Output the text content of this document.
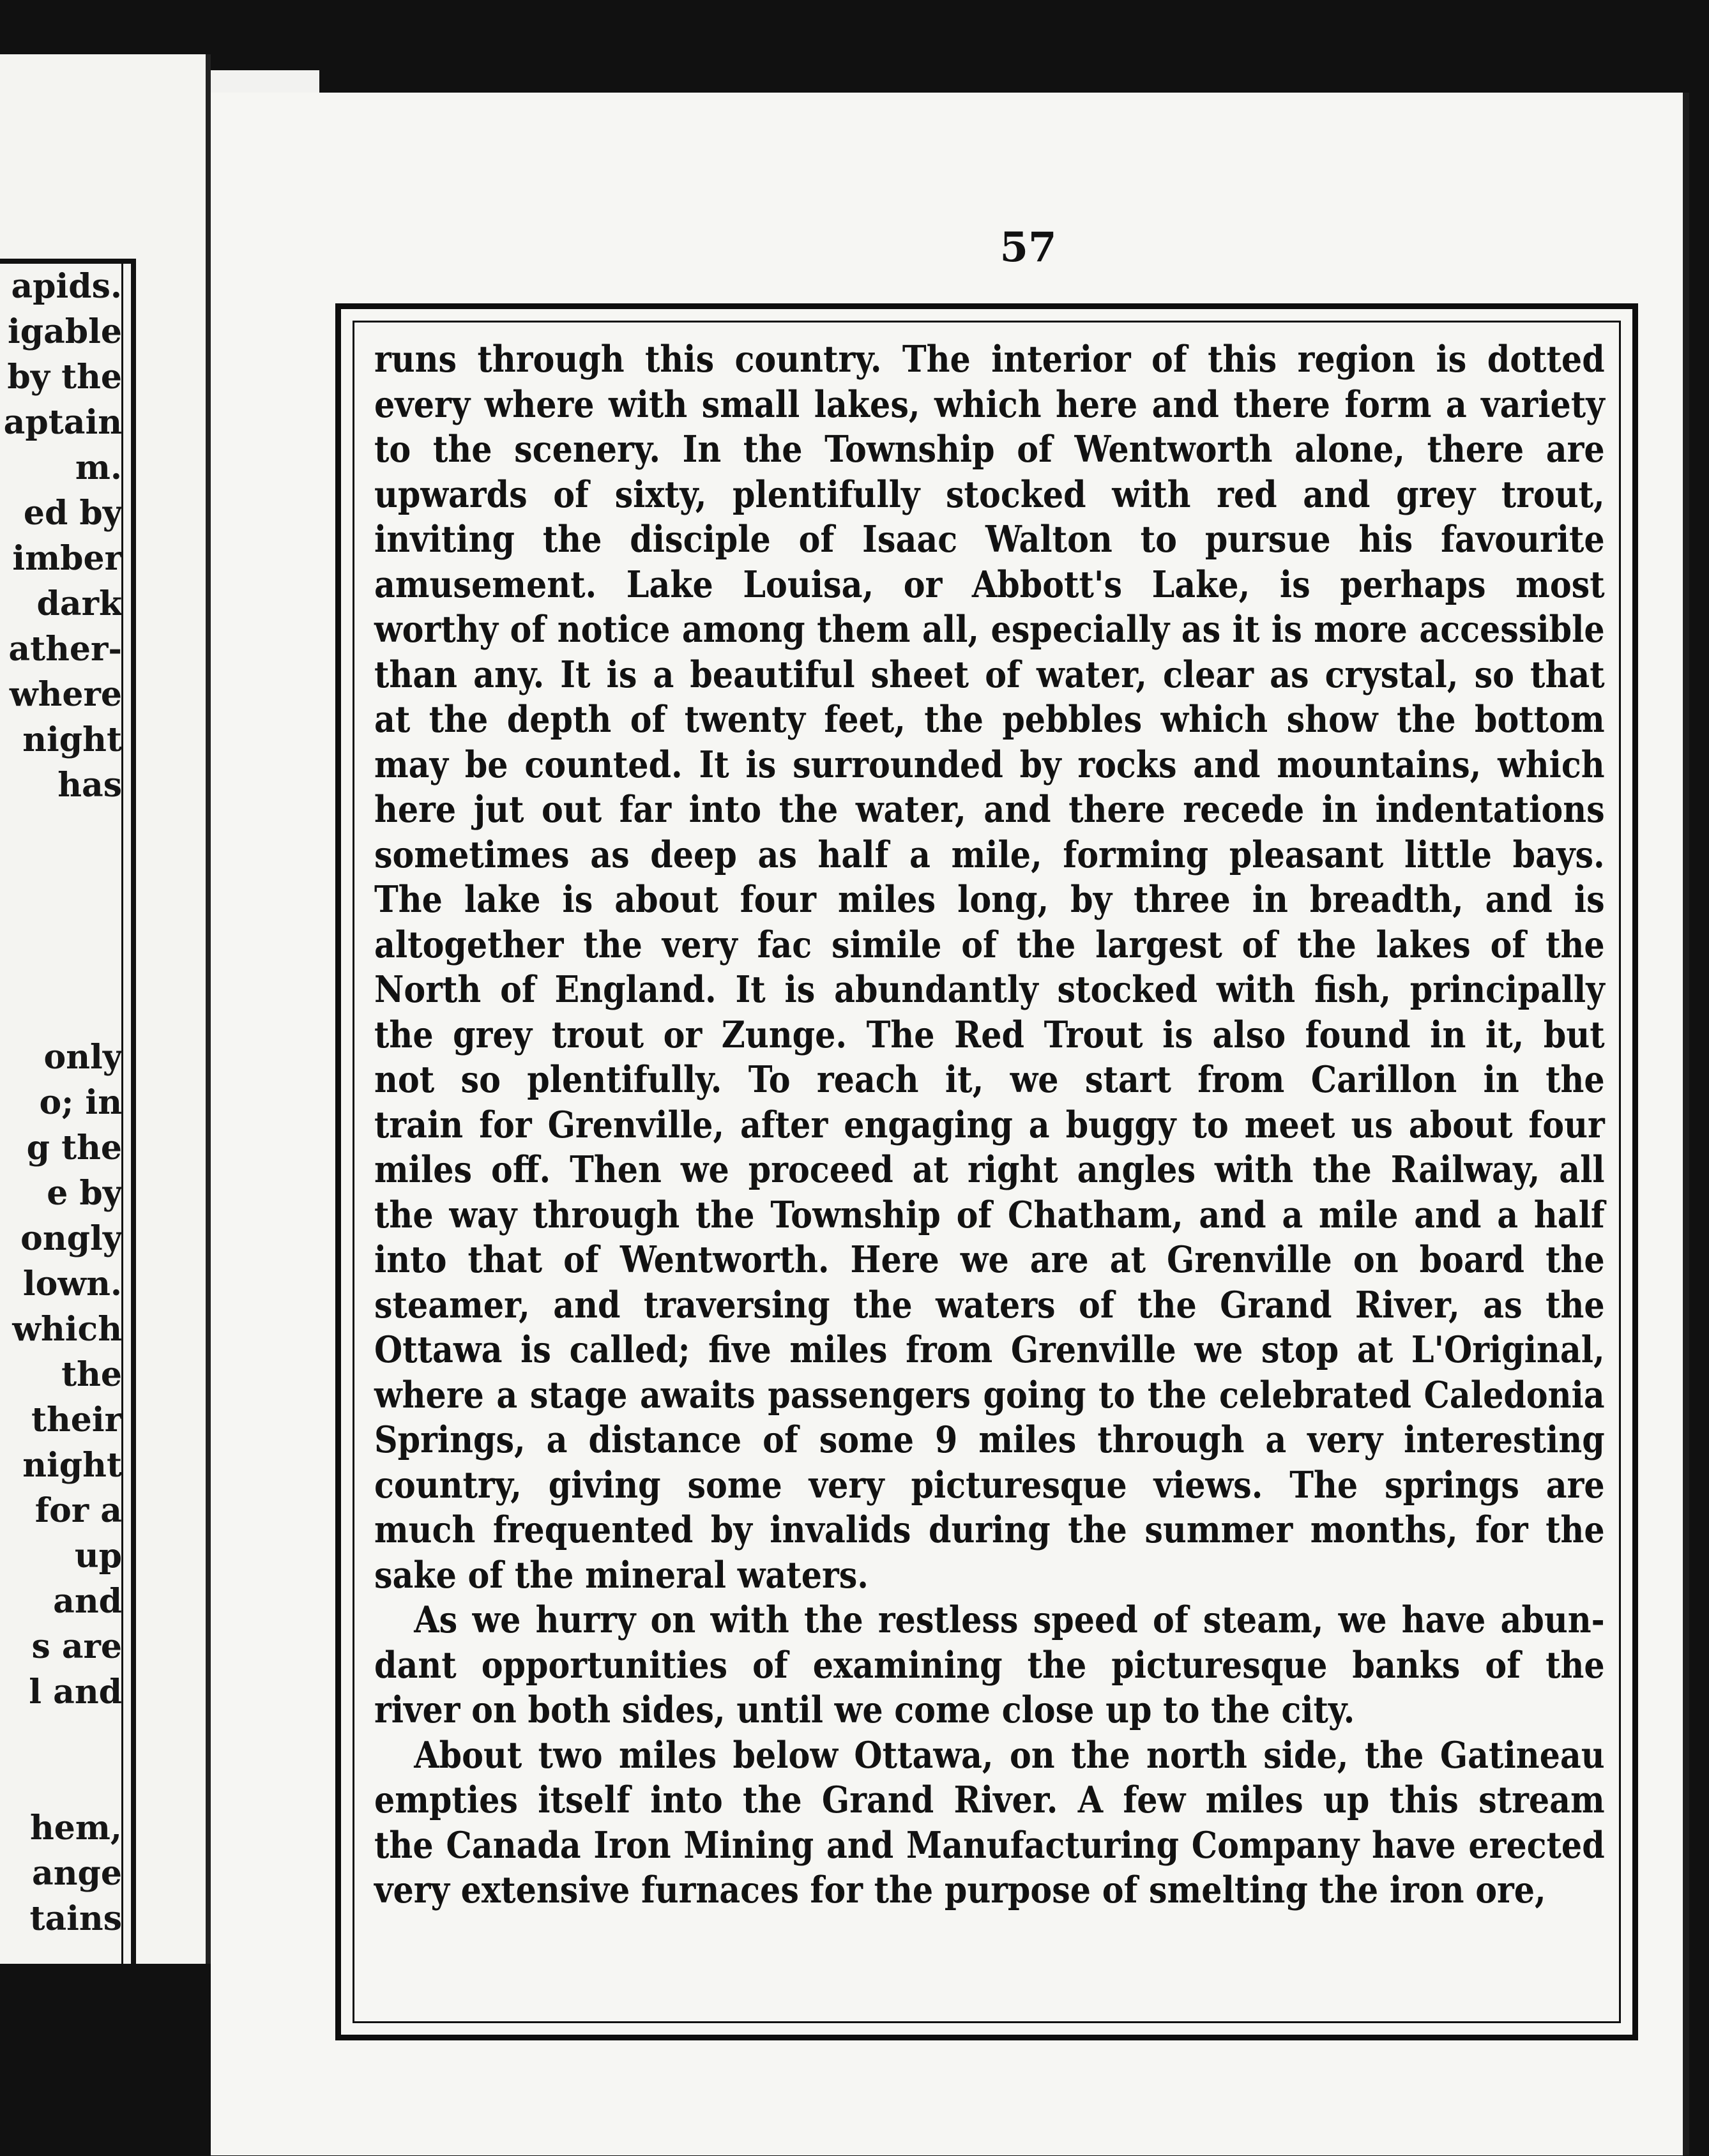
apids.
igable
by the
aptain
m.
ed by
imber
dark
ather-
where
night
has
only
o; in
g the
e by
ongly
lown.
which
the
their
night
for a
up
and
s are
l and
hem,
ange
tains
57
runs through this country. The interior of this region is dotted
every where with small lakes, which here and there form a variety
to the scenery. In the Township of Wentworth alone, there are
upwards of sixty, plentifully stocked with red and grey trout,
inviting the disciple of Isaac Walton to pursue his favourite
amusement. Lake Louisa, or Abbott's Lake, is perhaps most
worthy of notice among them all, especially as it is more accessible
than any. It is a beautiful sheet of water, clear as crystal, so that
at the depth of twenty feet, the pebbles which show the bottom
may be counted. It is surrounded by rocks and mountains, which
here jut out far into the water, and there recede in indentations
sometimes as deep as half a mile, forming pleasant little bays.
The lake is about four miles long, by three in breadth, and is
altogether the very fac simile of the largest of the lakes of the
North of England. It is abundantly stocked with fish, principally
the grey trout or Zunge. The Red Trout is also found in it, but
not so plentifully. To reach it, we start from Carillon in the
train for Grenville, after engaging a buggy to meet us about four
miles off. Then we proceed at right angles with the Railway, all
the way through the Township of Chatham, and a mile and a half
into that of Wentworth. Here we are at Grenville on board the
steamer, and traversing the waters of the Grand River, as the
Ottawa is called; five miles from Grenville we stop at L'Original,
where a stage awaits passengers going to the celebrated Caledonia
Springs, a distance of some 9 miles through a very interesting
country, giving some very picturesque views. The springs are
much frequented by invalids during the summer months, for the
sake of the mineral waters.
As we hurry on with the restless speed of steam, we have abun-
dant opportunities of examining the picturesque banks of the
river on both sides, until we come close up to the city.
About two miles below Ottawa, on the north side, the Gatineau
empties itself into the Grand River. A few miles up this stream
the Canada Iron Mining and Manufacturing Company have erected
very extensive furnaces for the purpose of smelting the iron ore,
